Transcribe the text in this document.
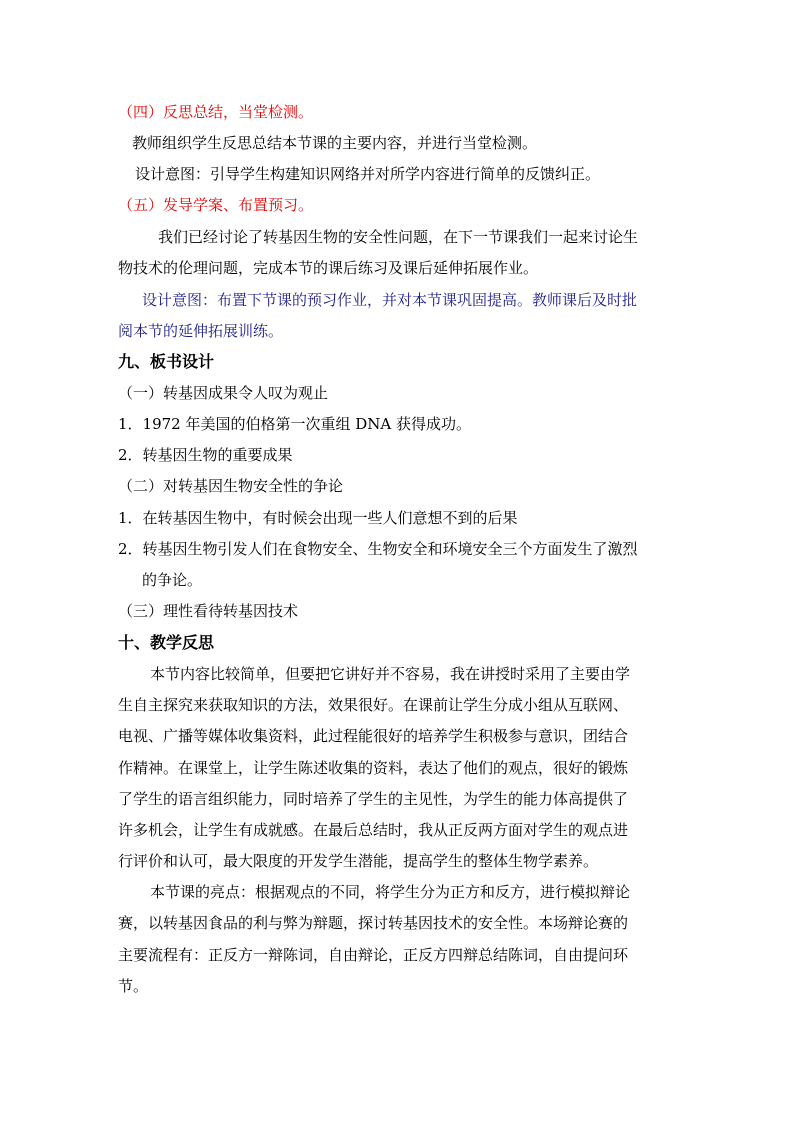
（四）反思总结，当堂检测。
教师组织学生反思总结本节课的主要内容，并进行当堂检测。
设计意图：引导学生构建知识网络并对所学内容进行简单的反馈纠正。
（五）发导学案、布置预习。
我们已经讨论了转基因生物的安全性问题，在下一节课我们一起来讨论生
物技术的伦理问题，完成本节的课后练习及课后延伸拓展作业。
设计意图：布置下节课的预习作业，并对本节课巩固提高。教师课后及时批
阅本节的延伸拓展训练。
九、板书设计
（一）转基因成果令人叹为观止
1．1972 年美国的伯格第一次重组 DNA 获得成功。
2．转基因生物的重要成果
（二）对转基因生物安全性的争论
1．在转基因生物中，有时候会出现一些人们意想不到的后果
2．转基因生物引发人们在食物安全、生物安全和环境安全三个方面发生了激烈
的争论。
（三）理性看待转基因技术
十、教学反思
本节内容比较简单，但要把它讲好并不容易，我在讲授时采用了主要由学
生自主探究来获取知识的方法，效果很好。在课前让学生分成小组从互联网、
电视、广播等媒体收集资料，此过程能很好的培养学生积极参与意识，团结合
作精神。在课堂上，让学生陈述收集的资料，表达了他们的观点，很好的锻炼
了学生的语言组织能力，同时培养了学生的主见性，为学生的能力体高提供了
许多机会，让学生有成就感。在最后总结时，我从正反两方面对学生的观点进
行评价和认可，最大限度的开发学生潜能，提高学生的整体生物学素养。
本节课的亮点：根据观点的不同，将学生分为正方和反方，进行模拟辩论
赛，以转基因食品的利与弊为辩题，探讨转基因技术的安全性。本场辩论赛的
主要流程有：正反方一辩陈词，自由辩论，正反方四辩总结陈词，自由提问环
节。
